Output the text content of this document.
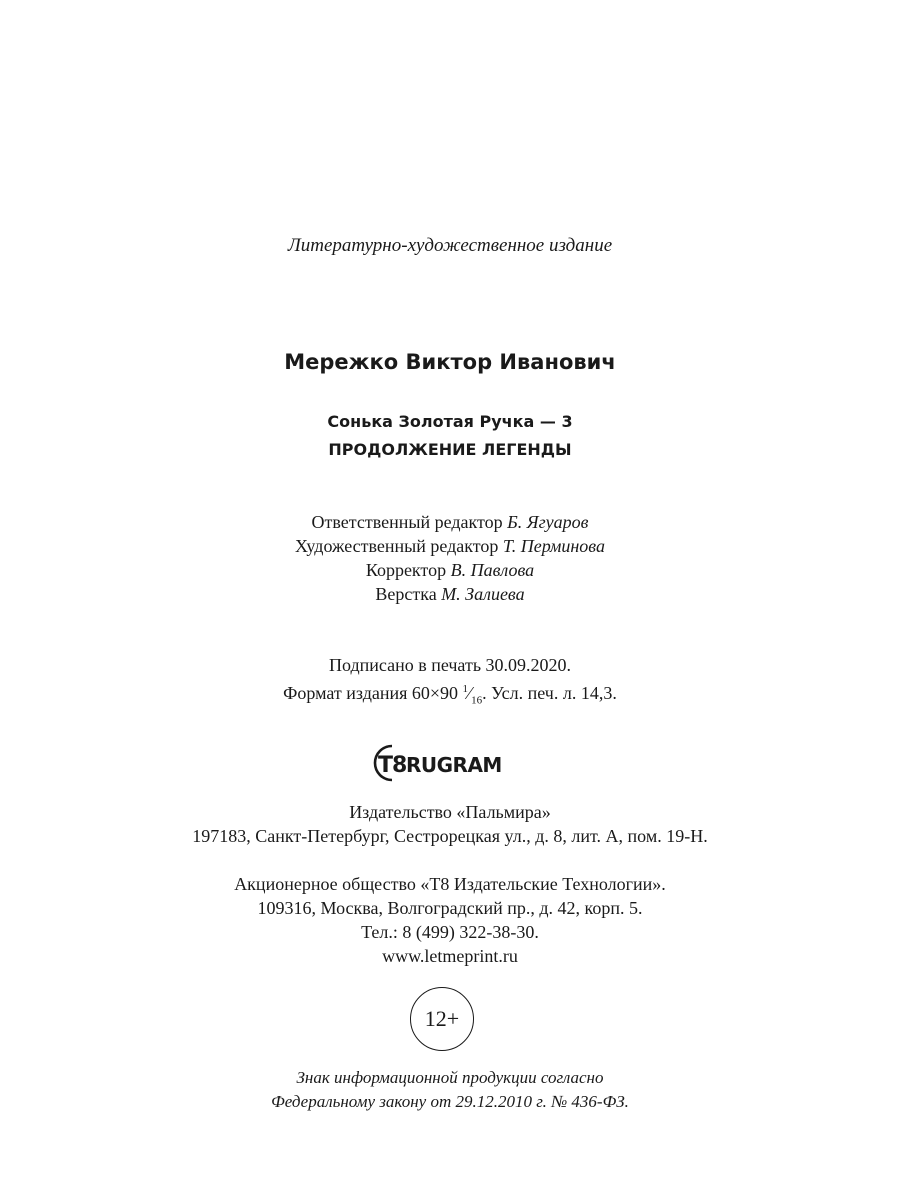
Литературно-художественное издание
Мережко Виктор Иванович
Сонька Золотая Ручка — 3
ПРОДОЛЖЕНИЕ ЛЕГЕНДЫ
Ответственный редактор Б. Ягуаров
Художественный редактор Т. Перминова
Корректор В. Павлова
Верстка М. Залиева
Подписано в печать 30.09.2020.
Формат издания 60×90 $^1⁄_{16}$. Усл. печ. л. 14,3.
T8 RUGRAM
Издательство «Пальмира»
197183, Санкт-Петербург, Сестрорецкая ул., д. 8, лит. А, пом. 19-Н.
Акционерное общество «Т8 Издательские Технологии».
109316, Москва, Волгоградский пр., д. 42, корп. 5.
Тел.: 8 (499) 322-38-30.
www.letmeprint.ru
12+
Знак информационной продукции согласно
Федеральному закону от 29.12.2010 г. № 436-ФЗ.
